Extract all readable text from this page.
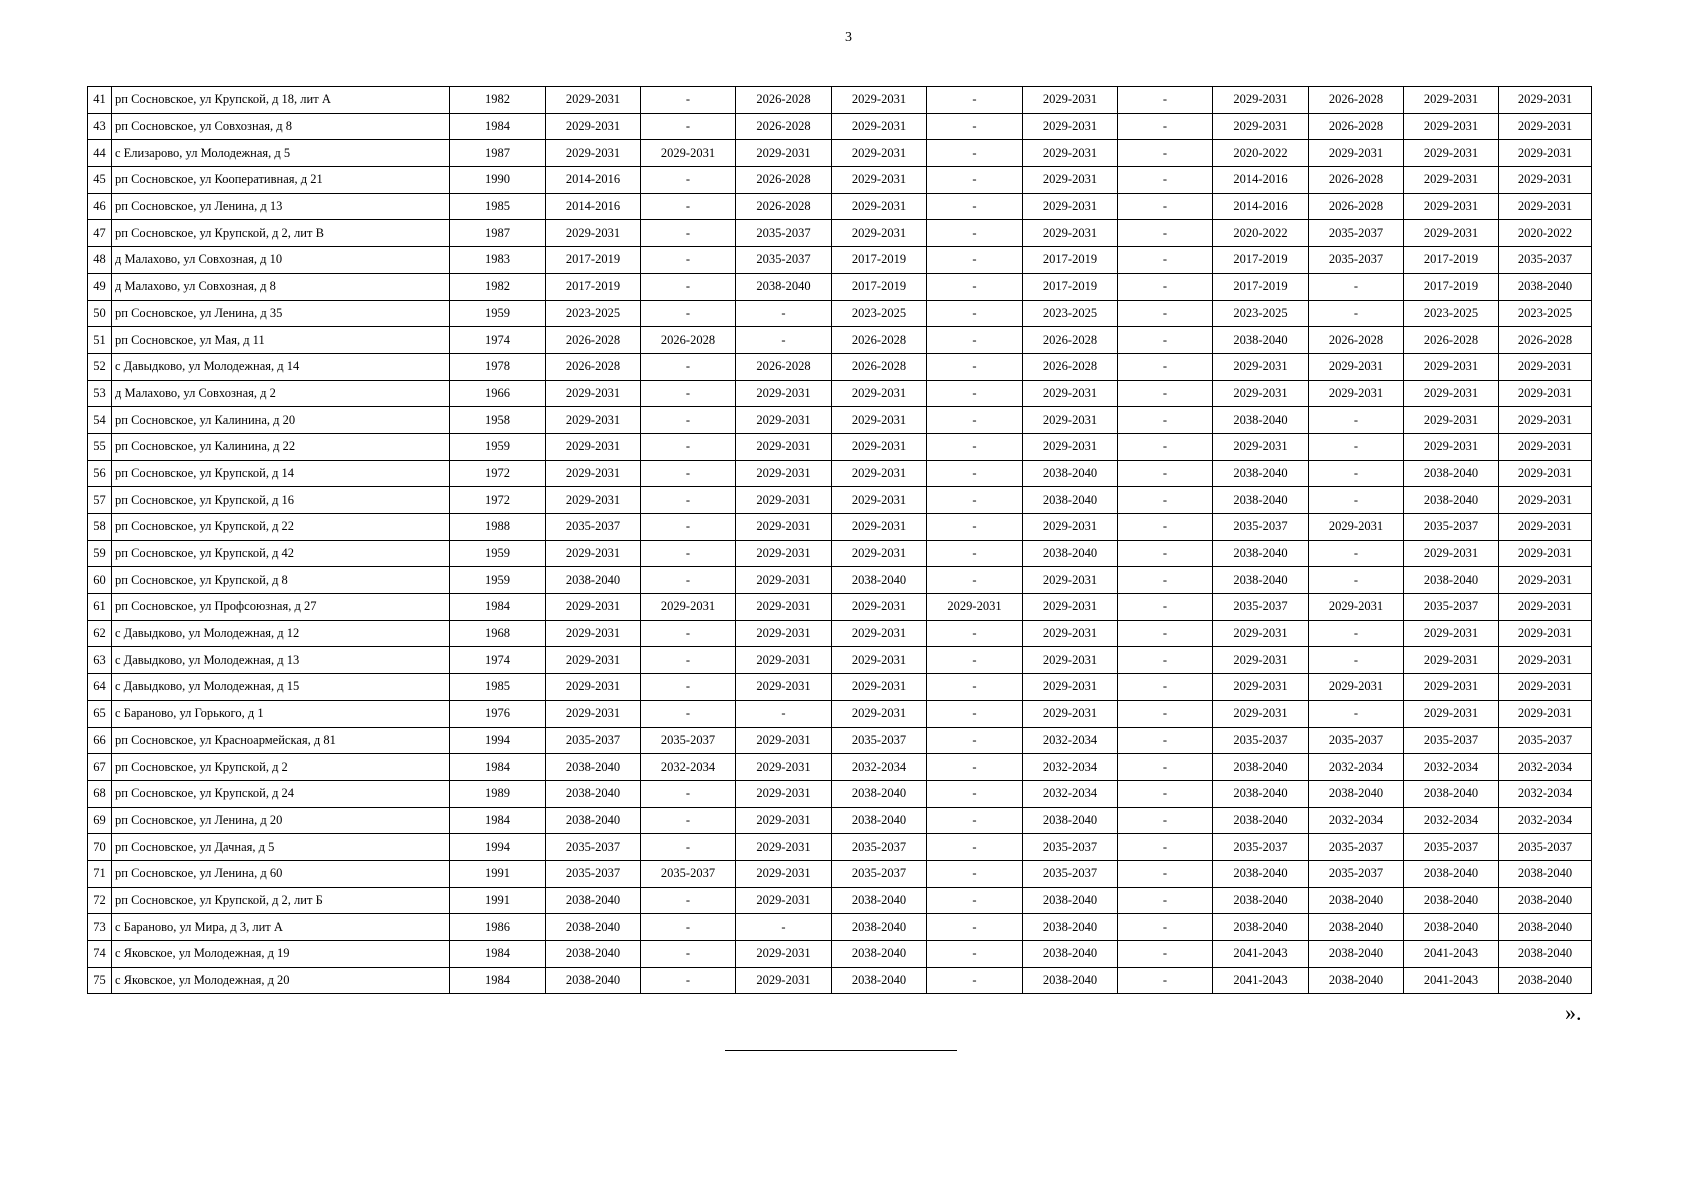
3
41	рп Сосновское, ул Крупской, д 18, лит А	1982	2029-2031	-	2026-2028	2029-2031	-	2029-2031	-	2029-2031	2026-2028	2029-2031	2029-2031
43	рп Сосновское, ул Совхозная, д 8	1984	2029-2031	-	2026-2028	2029-2031	-	2029-2031	-	2029-2031	2026-2028	2029-2031	2029-2031
44	с Елизарово, ул Молодежная, д 5	1987	2029-2031	2029-2031	2029-2031	2029-2031	-	2029-2031	-	2020-2022	2029-2031	2029-2031	2029-2031
45	рп Сосновское, ул Кооперативная, д 21	1990	2014-2016	-	2026-2028	2029-2031	-	2029-2031	-	2014-2016	2026-2028	2029-2031	2029-2031
46	рп Сосновское, ул Ленина, д 13	1985	2014-2016	-	2026-2028	2029-2031	-	2029-2031	-	2014-2016	2026-2028	2029-2031	2029-2031
47	рп Сосновское, ул Крупской, д 2, лит В	1987	2029-2031	-	2035-2037	2029-2031	-	2029-2031	-	2020-2022	2035-2037	2029-2031	2020-2022
48	д Малахово, ул Совхозная, д 10	1983	2017-2019	-	2035-2037	2017-2019	-	2017-2019	-	2017-2019	2035-2037	2017-2019	2035-2037
49	д Малахово, ул Совхозная, д 8	1982	2017-2019	-	2038-2040	2017-2019	-	2017-2019	-	2017-2019	-	2017-2019	2038-2040
50	рп Сосновское, ул Ленина, д 35	1959	2023-2025	-	-	2023-2025	-	2023-2025	-	2023-2025	-	2023-2025	2023-2025
51	рп Сосновское, ул Мая, д 11	1974	2026-2028	2026-2028	-	2026-2028	-	2026-2028	-	2038-2040	2026-2028	2026-2028	2026-2028
52	с Давыдково, ул Молодежная, д 14	1978	2026-2028	-	2026-2028	2026-2028	-	2026-2028	-	2029-2031	2029-2031	2029-2031	2029-2031
53	д Малахово, ул Совхозная, д 2	1966	2029-2031	-	2029-2031	2029-2031	-	2029-2031	-	2029-2031	2029-2031	2029-2031	2029-2031
54	рп Сосновское, ул Калинина, д 20	1958	2029-2031	-	2029-2031	2029-2031	-	2029-2031	-	2038-2040	-	2029-2031	2029-2031
55	рп Сосновское, ул Калинина, д 22	1959	2029-2031	-	2029-2031	2029-2031	-	2029-2031	-	2029-2031	-	2029-2031	2029-2031
56	рп Сосновское, ул Крупской, д 14	1972	2029-2031	-	2029-2031	2029-2031	-	2038-2040	-	2038-2040	-	2038-2040	2029-2031
57	рп Сосновское, ул Крупской, д 16	1972	2029-2031	-	2029-2031	2029-2031	-	2038-2040	-	2038-2040	-	2038-2040	2029-2031
58	рп Сосновское, ул Крупской, д 22	1988	2035-2037	-	2029-2031	2029-2031	-	2029-2031	-	2035-2037	2029-2031	2035-2037	2029-2031
59	рп Сосновское, ул Крупской, д 42	1959	2029-2031	-	2029-2031	2029-2031	-	2038-2040	-	2038-2040	-	2029-2031	2029-2031
60	рп Сосновское, ул Крупской, д 8	1959	2038-2040	-	2029-2031	2038-2040	-	2029-2031	-	2038-2040	-	2038-2040	2029-2031
61	рп Сосновское, ул Профсоюзная, д 27	1984	2029-2031	2029-2031	2029-2031	2029-2031	2029-2031	2029-2031	-	2035-2037	2029-2031	2035-2037	2029-2031
62	с Давыдково, ул Молодежная, д 12	1968	2029-2031	-	2029-2031	2029-2031	-	2029-2031	-	2029-2031	-	2029-2031	2029-2031
63	с Давыдково, ул Молодежная, д 13	1974	2029-2031	-	2029-2031	2029-2031	-	2029-2031	-	2029-2031	-	2029-2031	2029-2031
64	с Давыдково, ул Молодежная, д 15	1985	2029-2031	-	2029-2031	2029-2031	-	2029-2031	-	2029-2031	2029-2031	2029-2031	2029-2031
65	с Бараново, ул Горького, д 1	1976	2029-2031	-	-	2029-2031	-	2029-2031	-	2029-2031	-	2029-2031	2029-2031
66	рп Сосновское, ул Красноармейская, д 81	1994	2035-2037	2035-2037	2029-2031	2035-2037	-	2032-2034	-	2035-2037	2035-2037	2035-2037	2035-2037
67	рп Сосновское, ул Крупской, д 2	1984	2038-2040	2032-2034	2029-2031	2032-2034	-	2032-2034	-	2038-2040	2032-2034	2032-2034	2032-2034
68	рп Сосновское, ул Крупской, д 24	1989	2038-2040	-	2029-2031	2038-2040	-	2032-2034	-	2038-2040	2038-2040	2038-2040	2032-2034
69	рп Сосновское, ул Ленина, д 20	1984	2038-2040	-	2029-2031	2038-2040	-	2038-2040	-	2038-2040	2032-2034	2032-2034	2032-2034
70	рп Сосновское, ул Дачная, д 5	1994	2035-2037	-	2029-2031	2035-2037	-	2035-2037	-	2035-2037	2035-2037	2035-2037	2035-2037
71	рп Сосновское, ул Ленина, д 60	1991	2035-2037	2035-2037	2029-2031	2035-2037	-	2035-2037	-	2038-2040	2035-2037	2038-2040	2038-2040
72	рп Сосновское, ул Крупской, д 2, лит Б	1991	2038-2040	-	2029-2031	2038-2040	-	2038-2040	-	2038-2040	2038-2040	2038-2040	2038-2040
73	с Бараново, ул Мира, д 3, лит А	1986	2038-2040	-	-	2038-2040	-	2038-2040	-	2038-2040	2038-2040	2038-2040	2038-2040
74	с Яковское, ул Молодежная, д 19	1984	2038-2040	-	2029-2031	2038-2040	-	2038-2040	-	2041-2043	2038-2040	2041-2043	2038-2040
75	с Яковское, ул Молодежная, д 20	1984	2038-2040	-	2029-2031	2038-2040	-	2038-2040	-	2041-2043	2038-2040	2041-2043	2038-2040
».
